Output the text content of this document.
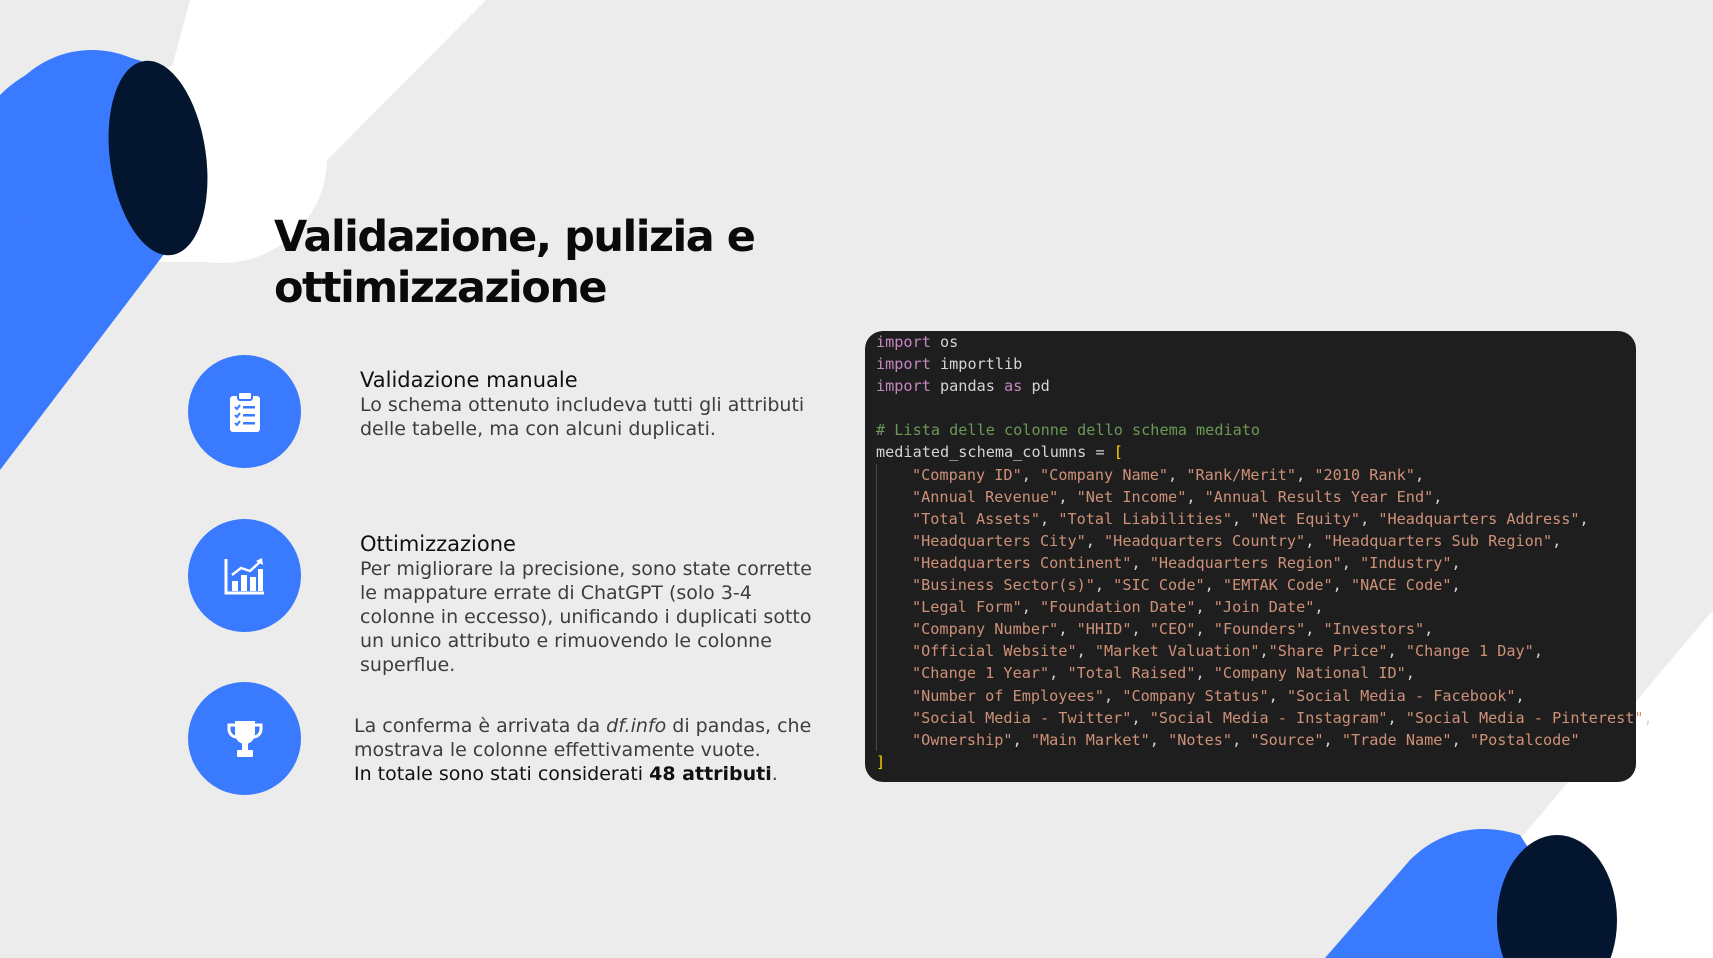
Validazione, pulizia e ottimizzazione
Validazione manuale
Lo schema ottenuto includeva tutti gli attributi delle tabelle, ma con alcuni duplicati.
Ottimizzazione
Per migliorare la precisione, sono state corrette le mappature errate di ChatGPT (solo 3-4 colonne in eccesso), unificando i duplicati sotto un unico attributo e rimuovendo le colonne superflue.
La conferma è arrivata da df.info di pandas, che mostrava le colonne effettivamente vuote.
In totale sono stati considerati 48 attributi.
import os
import importlib
import pandas as pd

# Lista delle colonne dello schema mediato
mediated_schema_columns = [
"Company ID", "Company Name", "Rank/Merit", "2010 Rank",
"Annual Revenue", "Net Income", "Annual Results Year End",
"Total Assets", "Total Liabilities", "Net Equity", "Headquarters Address",
"Headquarters City", "Headquarters Country", "Headquarters Sub Region",
"Headquarters Continent", "Headquarters Region", "Industry",
"Business Sector(s)", "SIC Code", "EMTAK Code", "NACE Code",
"Legal Form", "Foundation Date", "Join Date",
"Company Number", "HHID", "CEO", "Founders", "Investors",
"Official Website", "Market Valuation","Share Price", "Change 1 Day",
"Change 1 Year", "Total Raised", "Company National ID",
"Number of Employees", "Company Status", "Social Media - Facebook",
"Social Media - Twitter", "Social Media - Instagram", "Social Media - Pinterest",
"Ownership", "Main Market", "Notes", "Source", "Trade Name", "Postalcode"
]
